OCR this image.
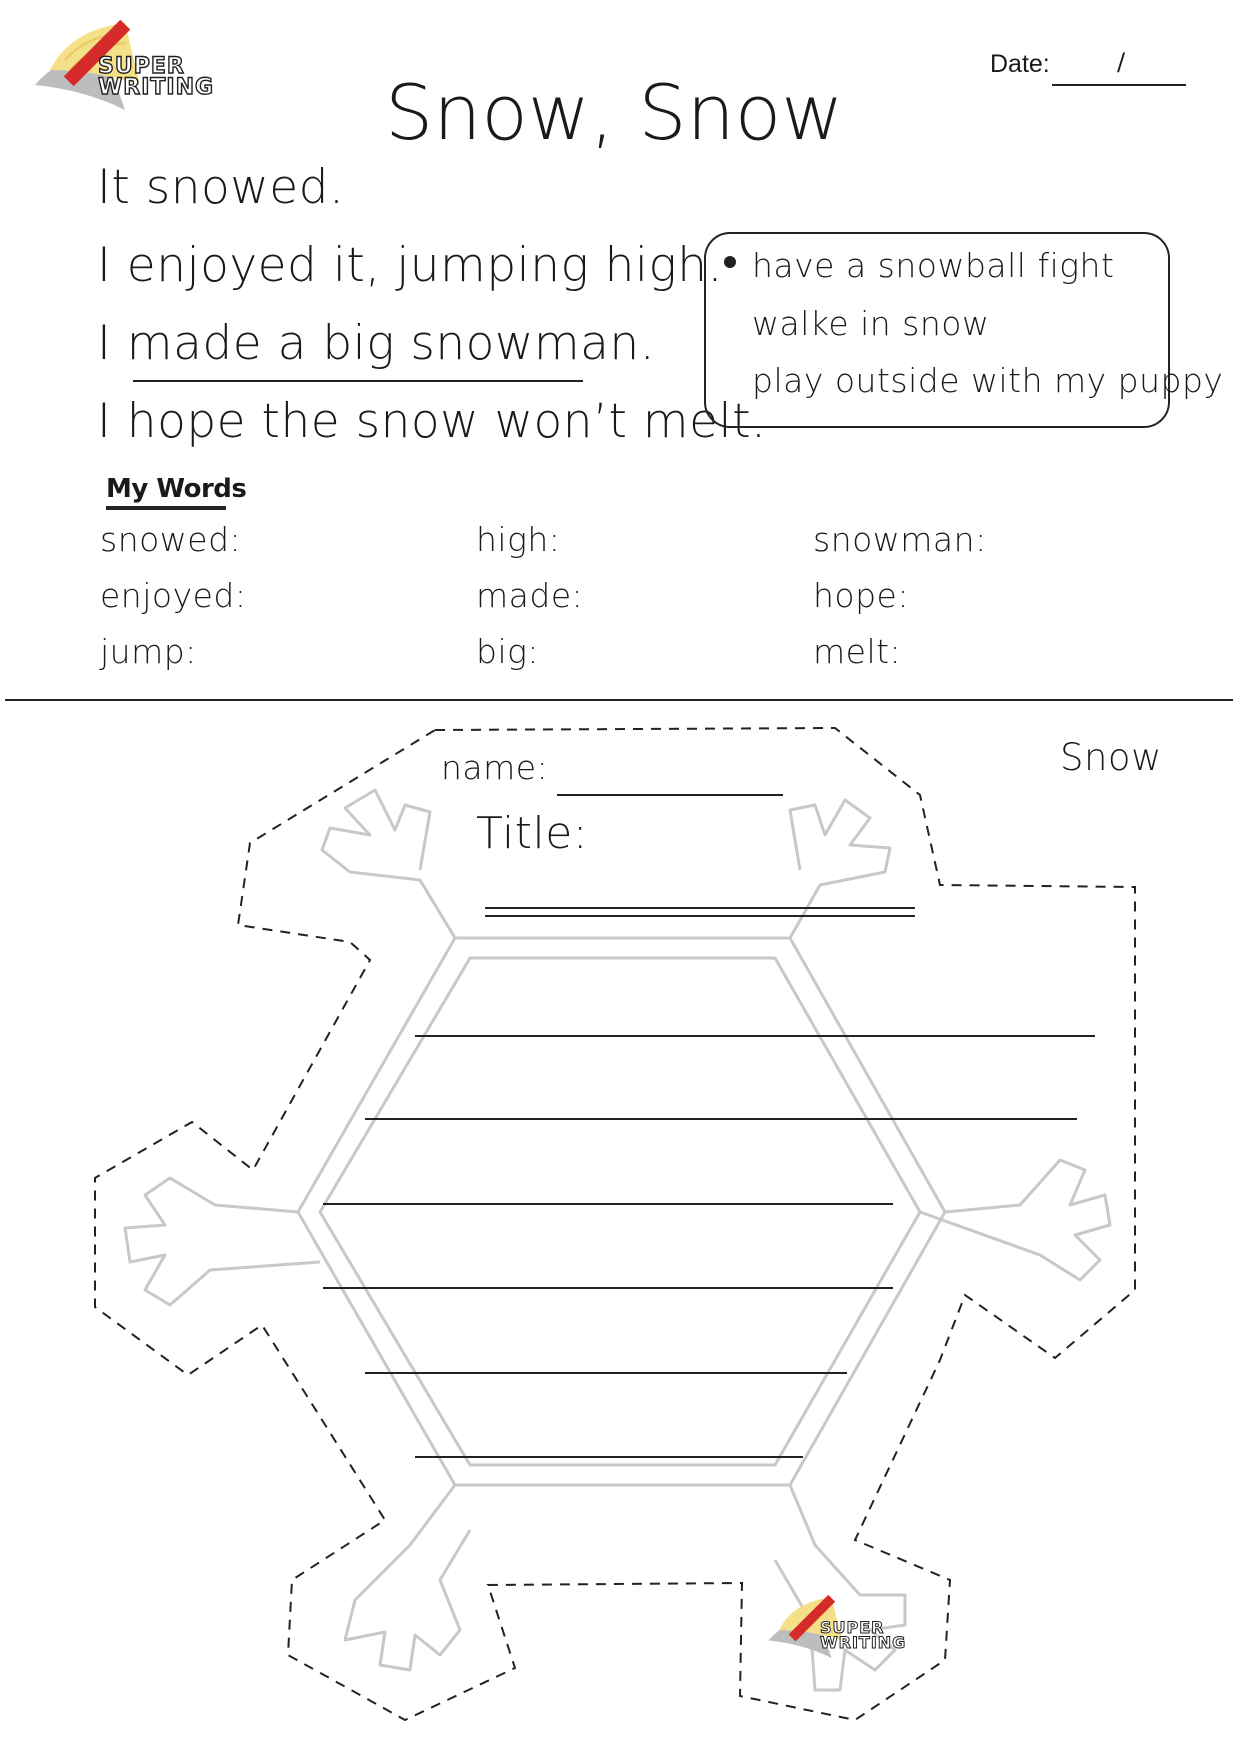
SUPER
WRITING
Date:	/
Snow, Snow
It snowed.
I enjoyed it, jumping high.
I made a big snowman.
I hope the snow won’t melt.
have a snowball fight
walke in snow
play outside with my puppy
My Words
snowed:
enjoyed:
jump:
high:
made:
big:
snowman:
hope:
melt:
name:	Snow
Title:
SUPER
WRITING
